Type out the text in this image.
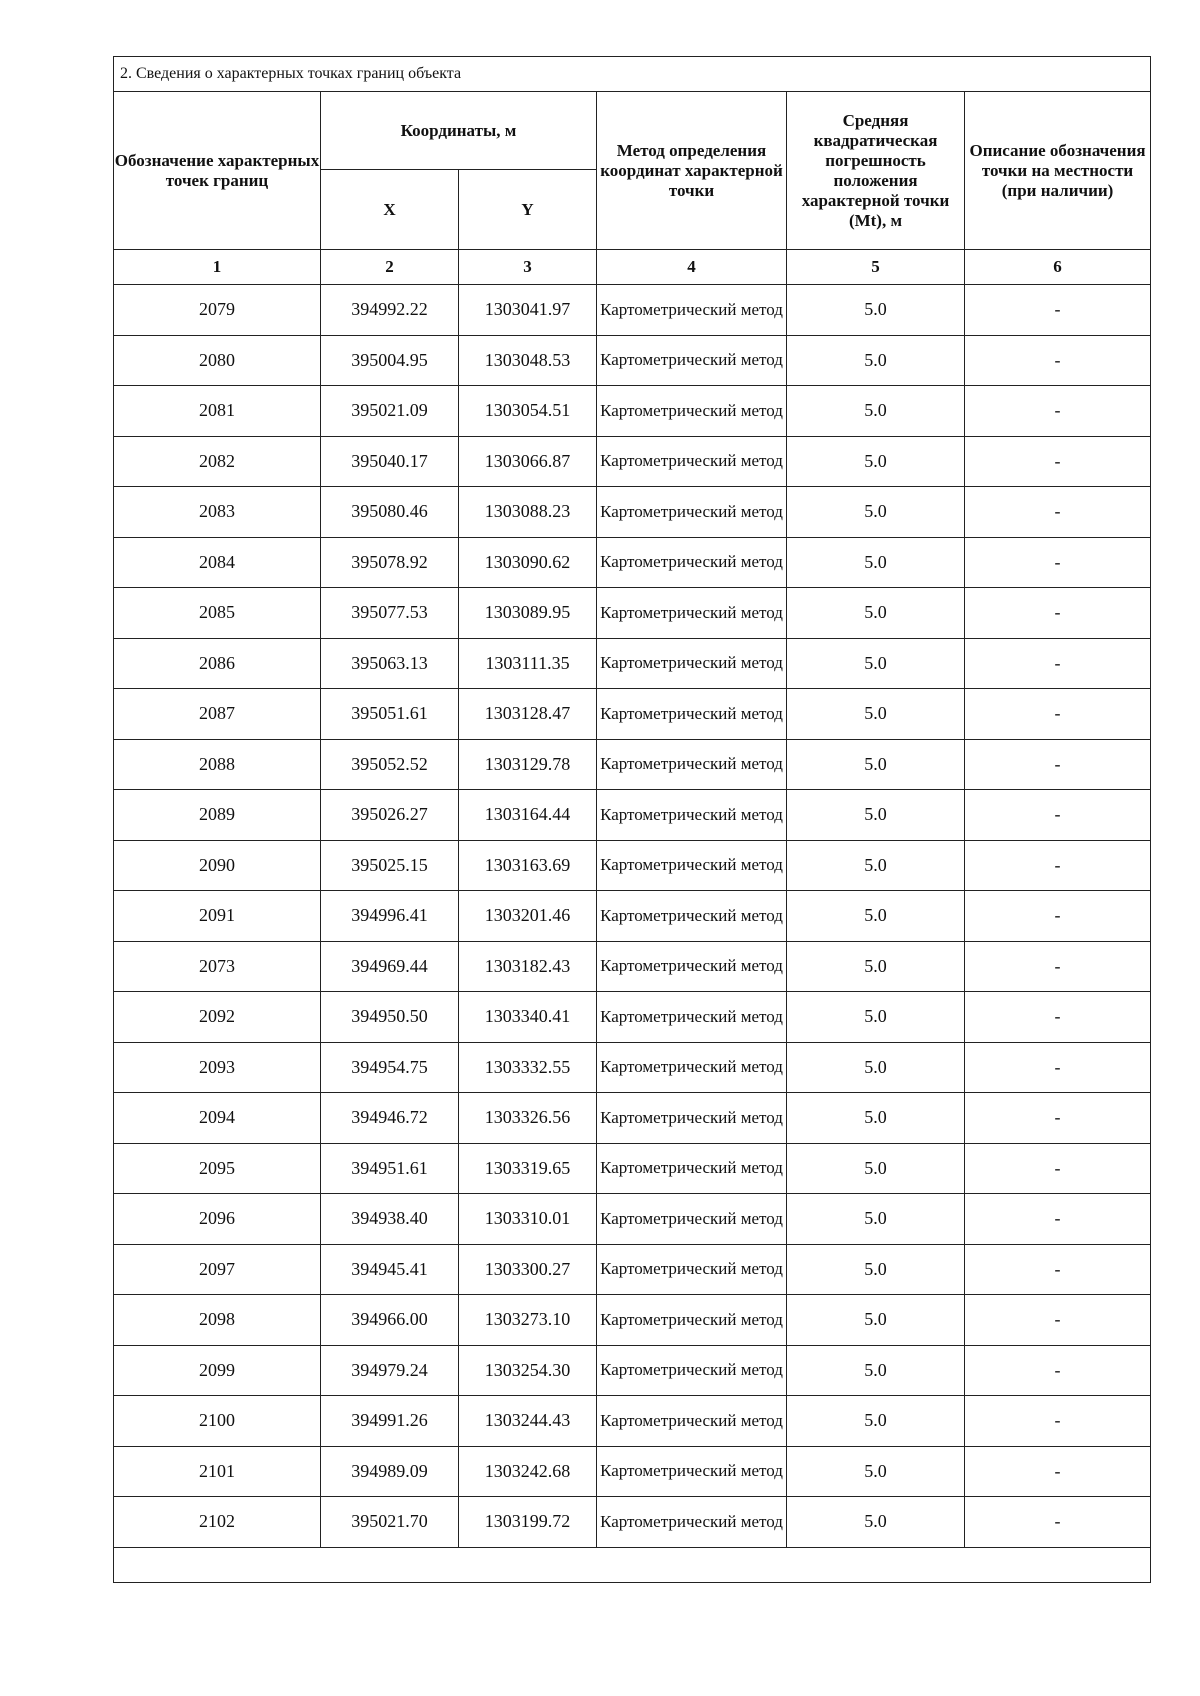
2. Сведения о характерных точках границ объекта					
Обозначение характерных точек границ	Координаты, м		Метод определения координат характерной точки	Средняя квадратическая погрешность положения характерной точки (Mt), м	Описание обозначения точки на местности (при наличии)
	X	Y			
1	2	3	4	5	6
2079	394992.22	1303041.97	Картометрический метод	5.0	-
2080	395004.95	1303048.53	Картометрический метод	5.0	-
2081	395021.09	1303054.51	Картометрический метод	5.0	-
2082	395040.17	1303066.87	Картометрический метод	5.0	-
2083	395080.46	1303088.23	Картометрический метод	5.0	-
2084	395078.92	1303090.62	Картометрический метод	5.0	-
2085	395077.53	1303089.95	Картометрический метод	5.0	-
2086	395063.13	1303111.35	Картометрический метод	5.0	-
2087	395051.61	1303128.47	Картометрический метод	5.0	-
2088	395052.52	1303129.78	Картометрический метод	5.0	-
2089	395026.27	1303164.44	Картометрический метод	5.0	-
2090	395025.15	1303163.69	Картометрический метод	5.0	-
2091	394996.41	1303201.46	Картометрический метод	5.0	-
2073	394969.44	1303182.43	Картометрический метод	5.0	-
2092	394950.50	1303340.41	Картометрический метод	5.0	-
2093	394954.75	1303332.55	Картометрический метод	5.0	-
2094	394946.72	1303326.56	Картометрический метод	5.0	-
2095	394951.61	1303319.65	Картометрический метод	5.0	-
2096	394938.40	1303310.01	Картометрический метод	5.0	-
2097	394945.41	1303300.27	Картометрический метод	5.0	-
2098	394966.00	1303273.10	Картометрический метод	5.0	-
2099	394979.24	1303254.30	Картометрический метод	5.0	-
2100	394991.26	1303244.43	Картометрический метод	5.0	-
2101	394989.09	1303242.68	Картометрический метод	5.0	-
2102	395021.70	1303199.72	Картометрический метод	5.0	-
